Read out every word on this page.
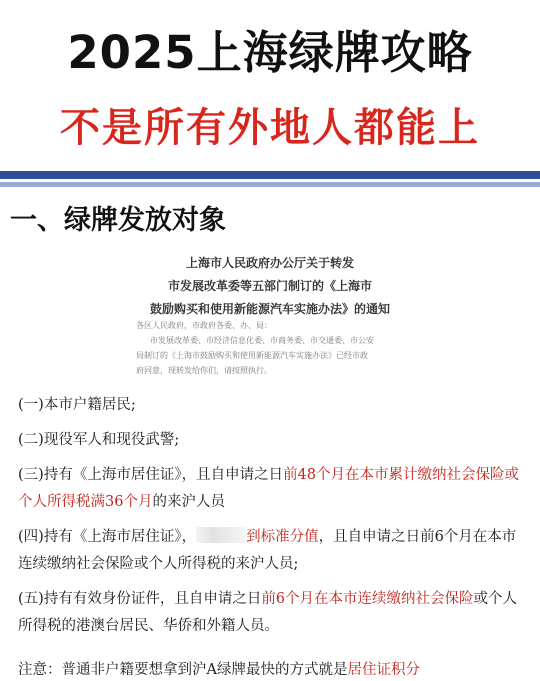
2025上海绿牌攻略
不是所有外地人都能上
一、绿牌发放对象
上海市人民政府办公厅关于转发
市发展改革委等五部门制订的《上海市
鼓励购买和使用新能源汽车实施办法》的通知

各区人民政府，市政府各委、办、局：

市发展改革委、市经济信息化委、市商务委、市交通委、市公安

局制订的《上海市鼓励购买和使用新能源汽车实施办法》已经市政

府同意，现转发给你们，请按照执行。

(一)本市户籍居民;
(二)现役军人和现役武警;
(三)持有《上海市居住证》，且自申请之日前48个月在本市累计缴纳社会保险或个人所得税满36个月的来沪人员
(四)持有《上海市居住证》，	到标准分值，且自申请之日前6个月在本市连续缴纳社会保险或个人所得税的来沪人员;
(五)持有有效身份证件，且自申请之日前6个月在本市连续缴纳社会保险或个人所得税的港澳台居民、华侨和外籍人员。
注意：普通非户籍要想拿到沪A绿牌最快的方式就是居住证积分
